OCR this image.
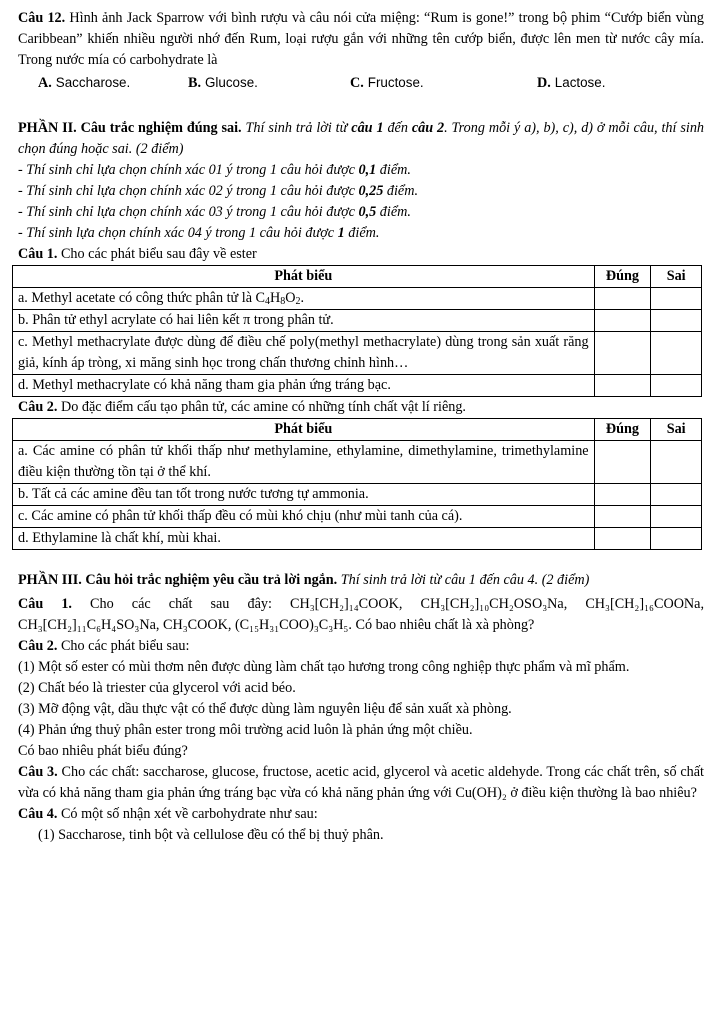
Câu 12. Hình ảnh Jack Sparrow với bình rượu và câu nói cửa miệng: “Rum is gone!” trong bộ phim “Cướp biển vùng Caribbean” khiến nhiều người nhớ đến Rum, loại rượu gắn với những tên cướp biển, được lên men từ nước cây mía. Trong nước mía có carbohydrate là

A. Saccharose.	B. Glucose.	C. Fructose.	D. Lactose.

PHẦN II. Câu trắc nghiệm đúng sai. Thí sinh trả lời từ câu 1 đến câu 2. Trong mỗi ý a), b), c), d) ở mỗi câu, thí sinh chọn đúng hoặc sai. (2 điểm)

- Thí sinh chỉ lựa chọn chính xác 01 ý trong 1 câu hỏi được 0,1 điểm.

- Thí sinh chỉ lựa chọn chính xác 02 ý trong 1 câu hỏi được 0,25 điểm.

- Thí sinh chỉ lựa chọn chính xác 03 ý trong 1 câu hỏi được 0,5 điểm.

- Thí sinh lựa chọn chính xác 04 ý trong 1 câu hỏi được 1 điểm.

Câu 1. Cho các phát biểu sau đây về ester

Phát biểu	Đúng	Sai
a. Methyl acetate có công thức phân tử là $C_4H_8O_2$.		
b. Phân tử ethyl acrylate có hai liên kết π trong phân tử.		
c. Methyl methacrylate được dùng để điều chế poly(methyl methacrylate) dùng trong sản xuất răng giả, kính áp tròng, xi măng sinh học trong chấn thương chỉnh hình…		
d. Methyl methacrylate có khả năng tham gia phản ứng tráng bạc.		

Câu 2. Do đặc điểm cấu tạo phân tử, các amine có những tính chất vật lí riêng.

Phát biểu	Đúng	Sai
a. Các amine có phân tử khối thấp như methylamine, ethylamine, dimethylamine, trimethylamine điều kiện thường tồn tại ở thể khí.		
b. Tất cả các amine đều tan tốt trong nước tương tự ammonia.		
c. Các amine có phân tử khối thấp đều có mùi khó chịu (như mùi tanh của cá).		
d. Ethylamine là chất khí, mùi khai.		

PHẦN III. Câu hỏi trắc nghiệm yêu cầu trả lời ngắn. Thí sinh trả lời từ câu 1 đến câu 4. (2 điểm)

Câu 1. Cho các chất sau đây: CH₃[CH₂]₁₄COOK, CH₃[CH₂]₁₀CH₂OSO₃Na, CH₃[CH₂]₁₆COONa, CH₃[CH₂]₁₁C₆H₄SO₃Na, CH₃COOK, (C₁₅H₃₁COO)₃C₃H₅. Có bao nhiêu chất là xà phòng?

Câu 2. Cho các phát biểu sau:

(1) Một số ester có mùi thơm nên được dùng làm chất tạo hương trong công nghiệp thực phẩm và mĩ phẩm.

(2) Chất béo là triester của glycerol với acid béo.

(3) Mỡ động vật, dầu thực vật có thể được dùng làm nguyên liệu để sản xuất xà phòng.

(4) Phản ứng thuỷ phân ester trong môi trường acid luôn là phản ứng một chiều.

Có bao nhiêu phát biểu đúng?

Câu 3. Cho các chất: saccharose, glucose, fructose, acetic acid, glycerol và acetic aldehyde. Trong các chất trên, số chất vừa có khả năng tham gia phản ứng tráng bạc vừa có khả năng phản ứng với Cu(OH)₂ ở điều kiện thường là bao nhiêu?

Câu 4. Có một số nhận xét về carbohydrate như sau:

(1) Saccharose, tinh bột và cellulose đều có thể bị thuỷ phân.
